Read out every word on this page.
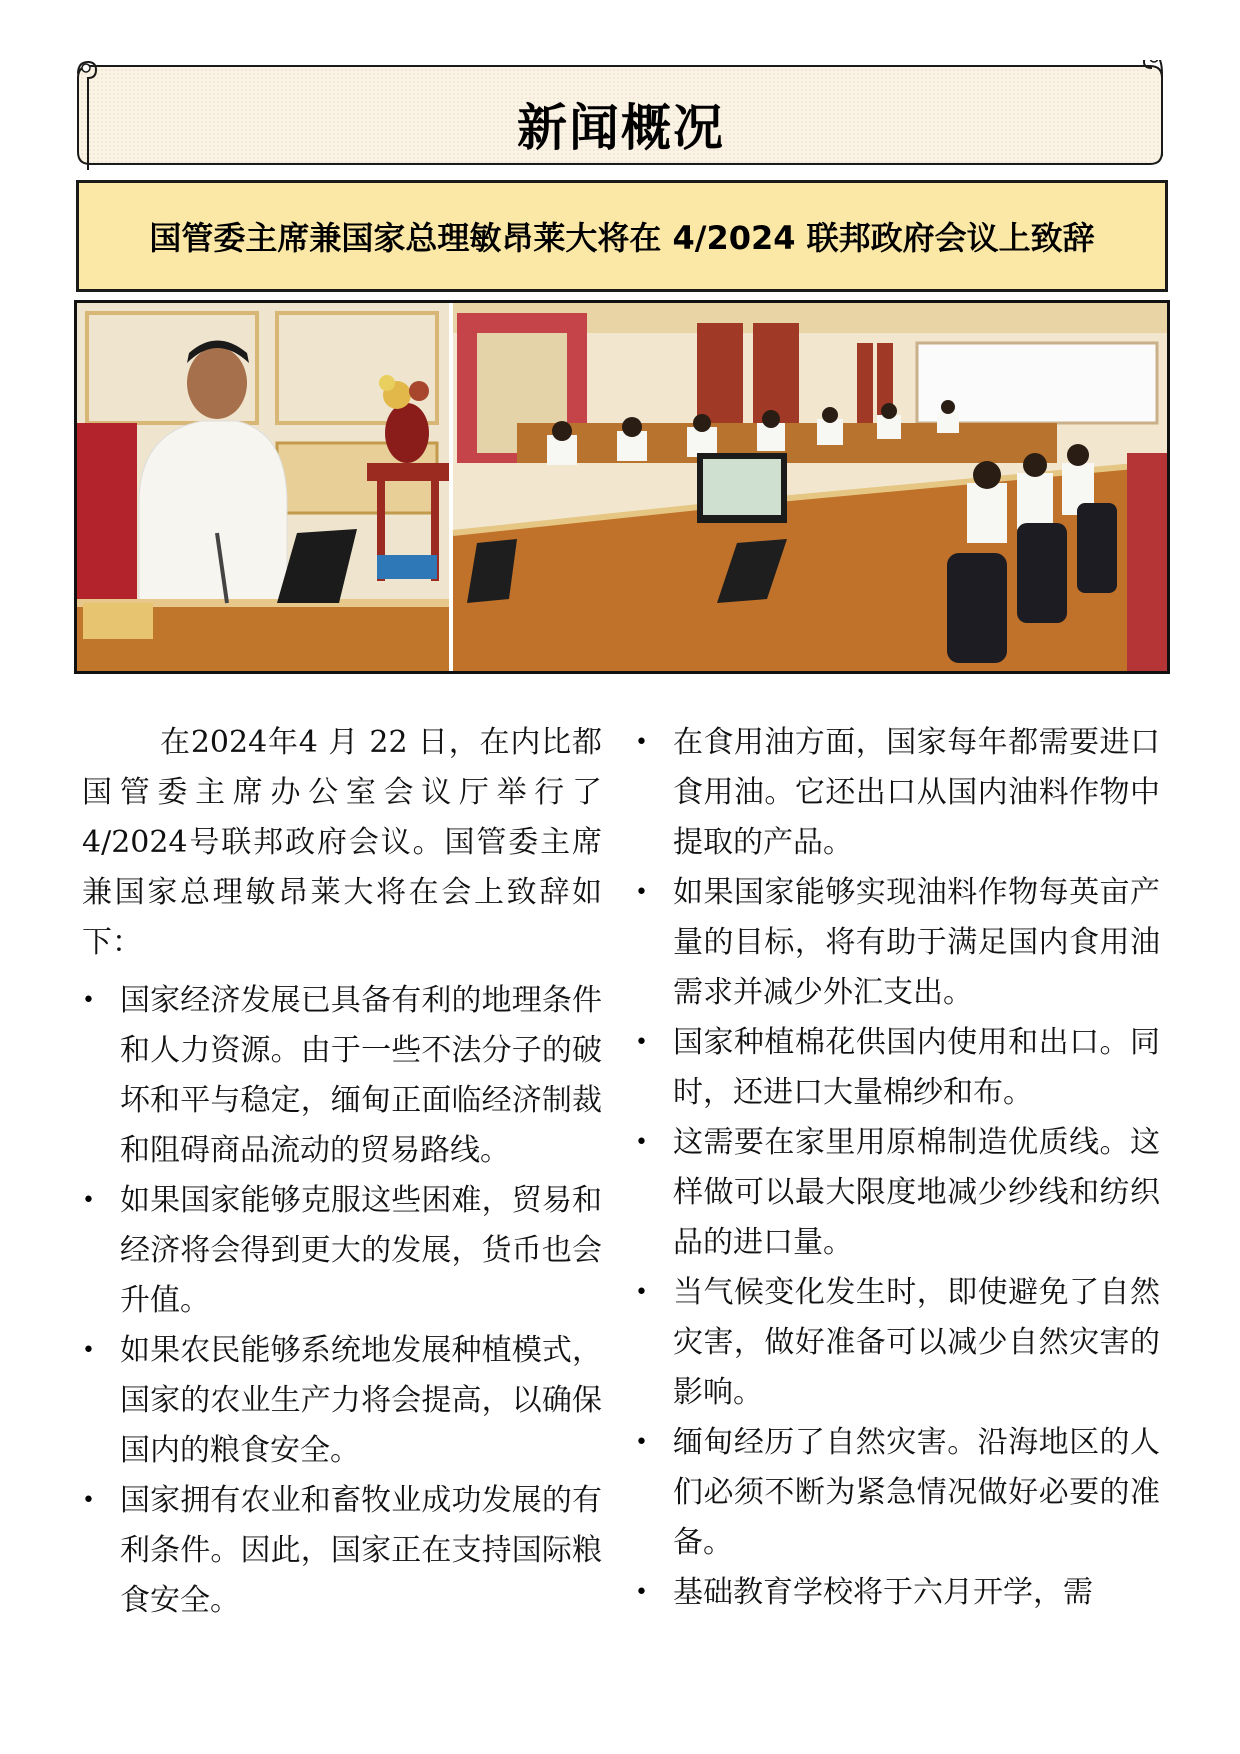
新闻概况
国管委主席兼国家总理敏昂莱大将在 4/2024 联邦政府会议上致辞

在2024年4 月 22 日，在内比都国管委主席办公室会议厅举行了4/2024号联邦政府会议。国管委主席兼国家总理敏昂莱大将在会上致辞如下：

• 国家经济发展已具备有利的地理条件和人力资源。由于一些不法分子的破坏和平与稳定，缅甸正面临经济制裁和阻碍商品流动的贸易路线。
• 如果国家能够克服这些困难，贸易和经济将会得到更大的发展，货币也会升值。
• 如果农民能够系统地发展种植模式，国家的农业生产力将会提高，以确保国内的粮食安全。
• 国家拥有农业和畜牧业成功发展的有利条件。因此，国家正在支持国际粮食安全。
• 在食用油方面，国家每年都需要进口食用油。它还出口从国内油料作物中提取的产品。
• 如果国家能够实现油料作物每英亩产量的目标，将有助于满足国内食用油需求并减少外汇支出。
• 国家种植棉花供国内使用和出口。同时，还进口大量棉纱和布。
• 这需要在家里用原棉制造优质线。这样做可以最大限度地减少纱线和纺织品的进口量。
• 当气候变化发生时，即使避免了自然灾害，做好准备可以减少自然灾害的影响。
• 缅甸经历了自然灾害。沿海地区的人们必须不断为紧急情况做好必要的准备。
• 基础教育学校将于六月开学，需
